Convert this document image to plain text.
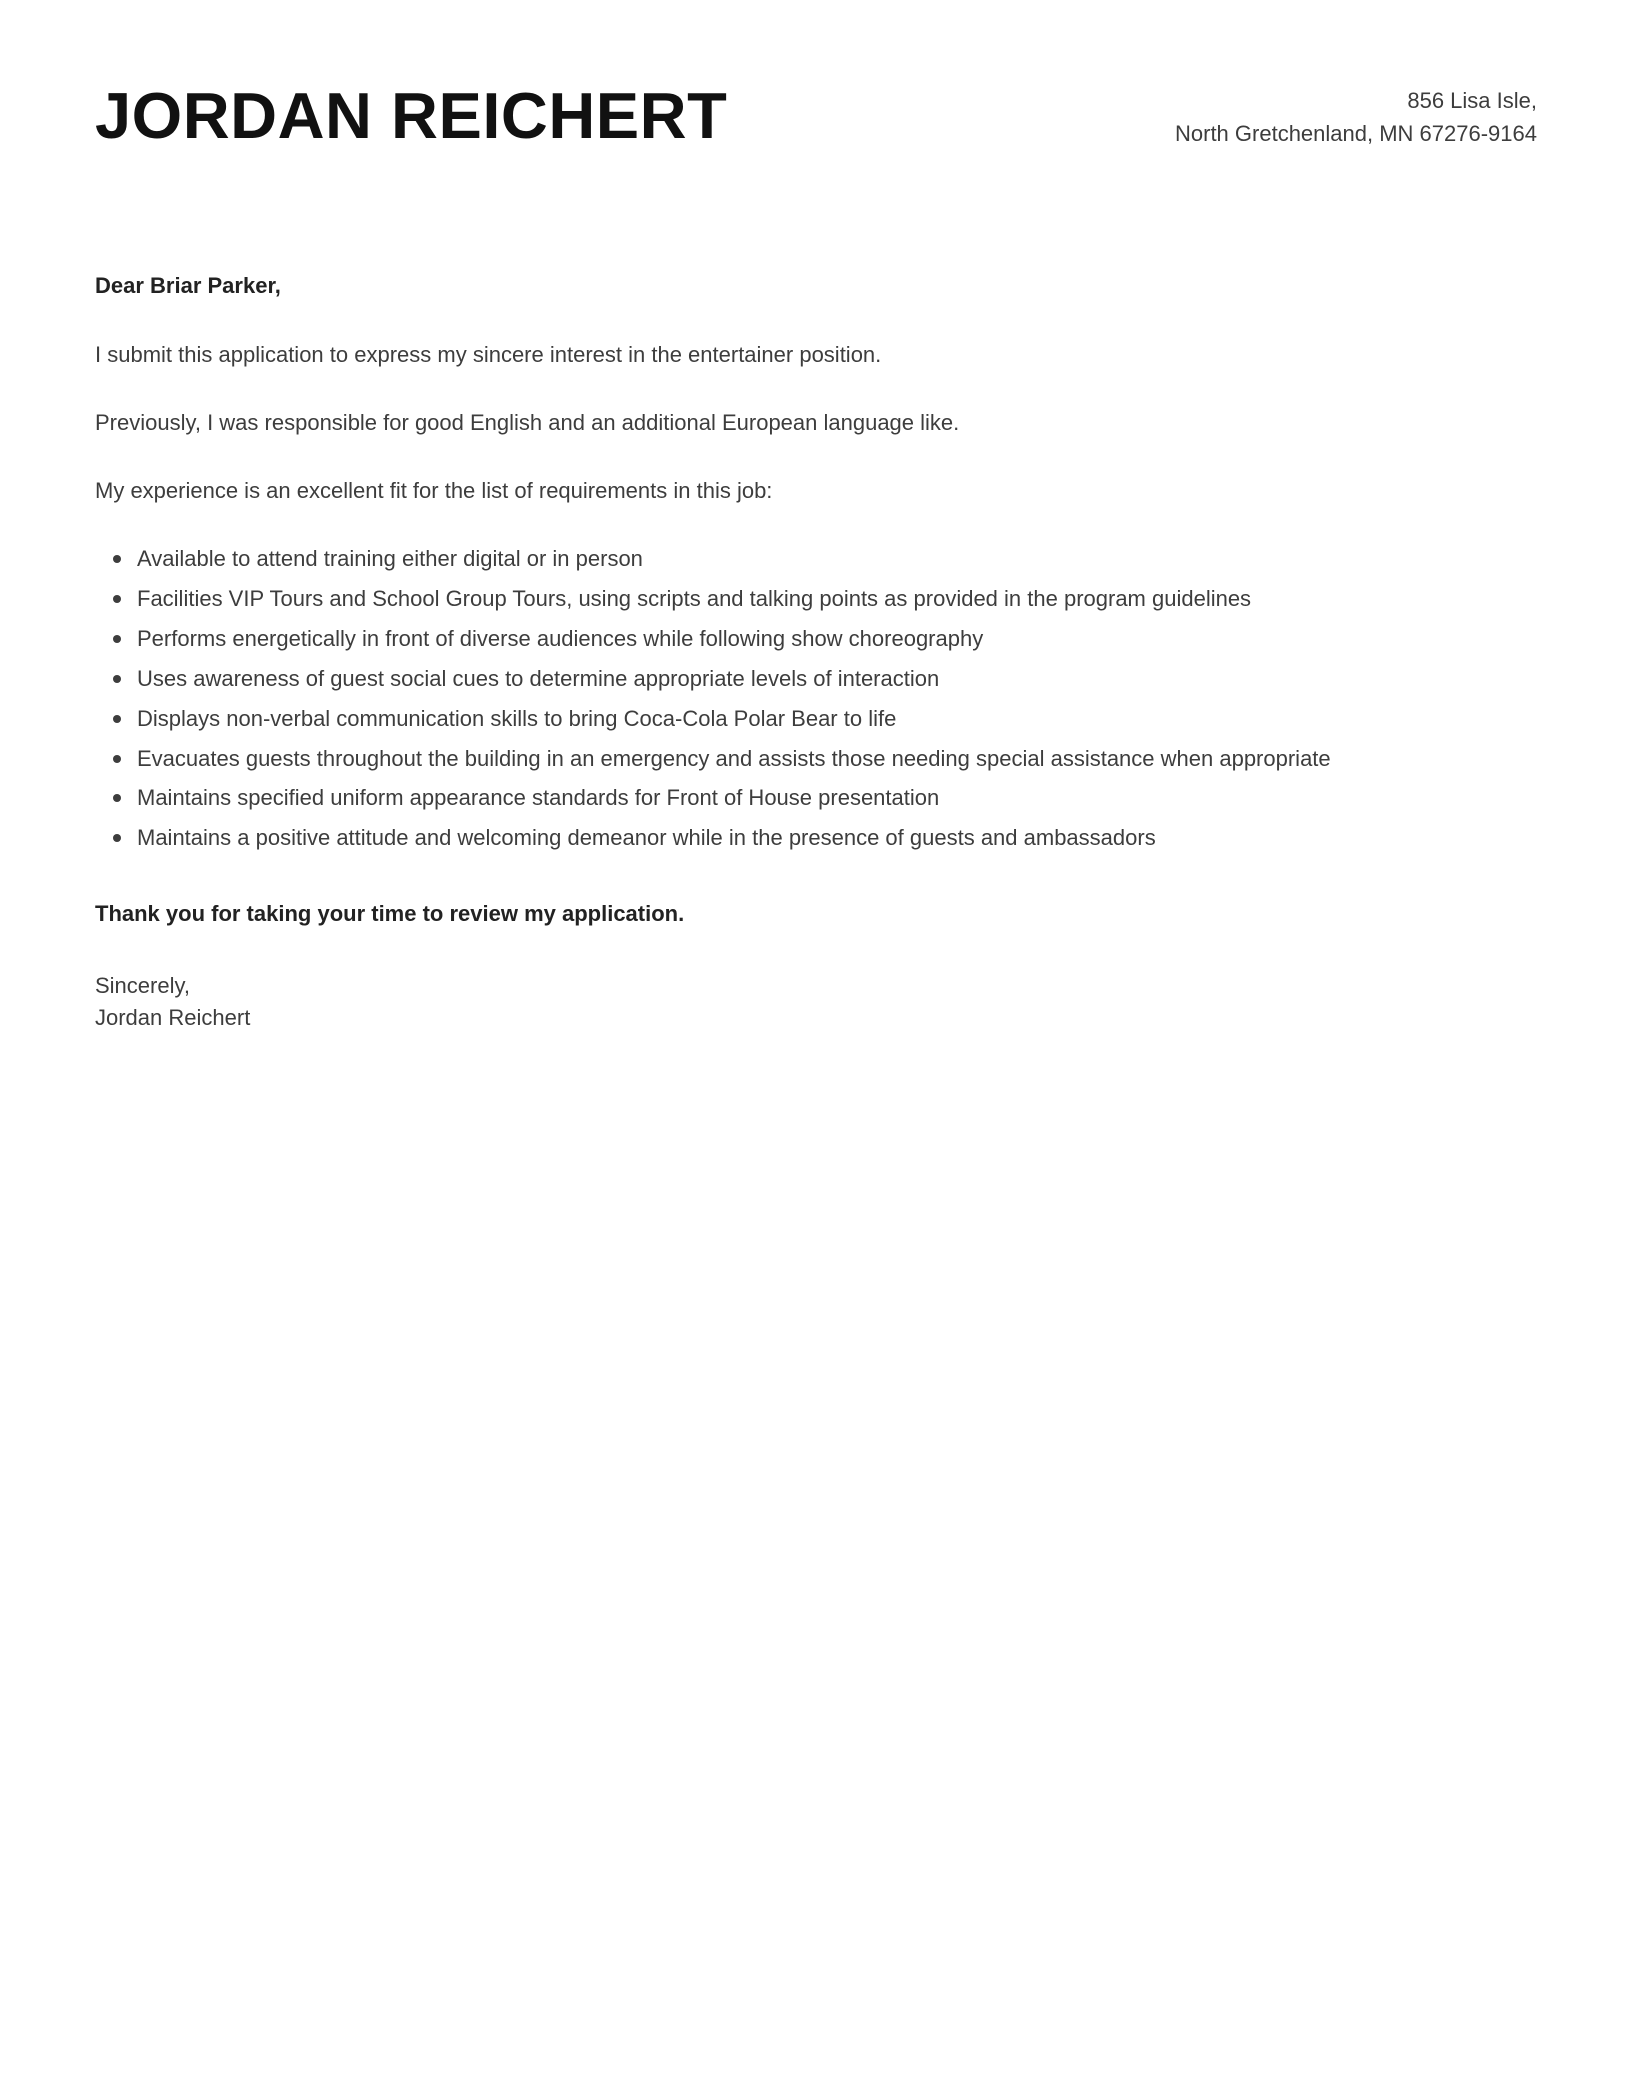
JORDAN REICHERT	856 Lisa Isle,
North Gretchenland, MN 67276-9164
Dear Briar Parker,

I submit this application to express my sincere interest in the entertainer position.

Previously, I was responsible for good English and an additional European language like.

My experience is an excellent fit for the list of requirements in this job:

Available to attend training either digital or in person
Facilities VIP Tours and School Group Tours, using scripts and talking points as provided in the program guidelines
Performs energetically in front of diverse audiences while following show choreography
Uses awareness of guest social cues to determine appropriate levels of interaction
Displays non-verbal communication skills to bring Coca-Cola Polar Bear to life
Evacuates guests throughout the building in an emergency and assists those needing special assistance when appropriate
Maintains specified uniform appearance standards for Front of House presentation
Maintains a positive attitude and welcoming demeanor while in the presence of guests and ambassadors
Thank you for taking your time to review my application.
Sincerely,
Jordan Reichert
